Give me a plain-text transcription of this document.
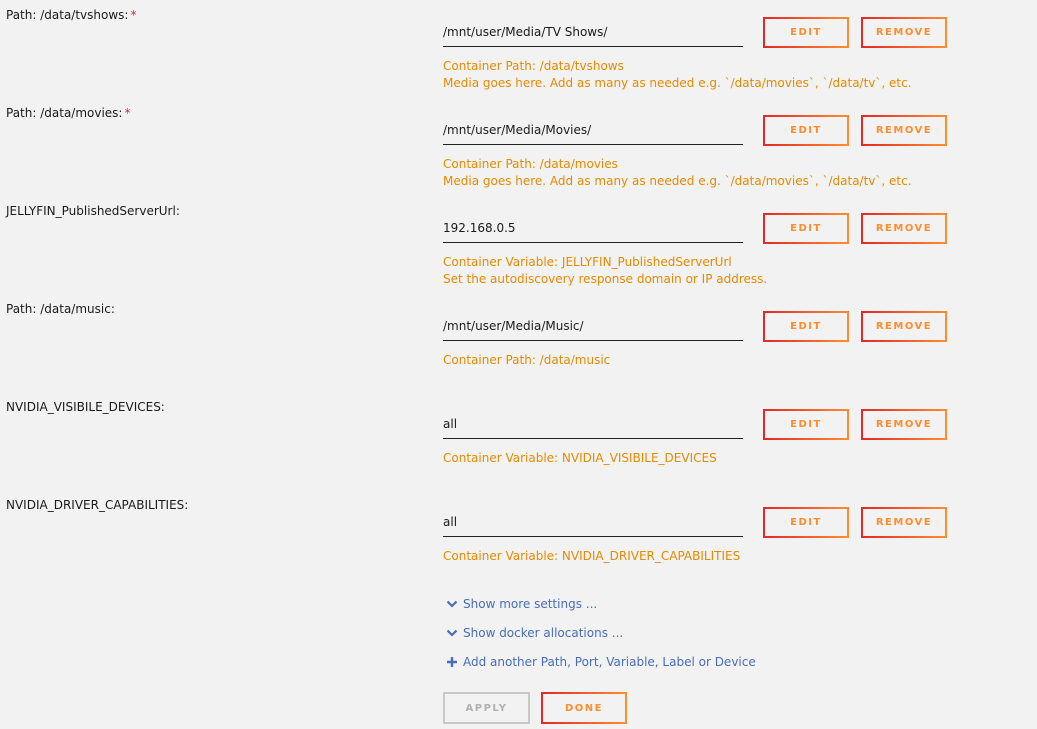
Path: /data/tvshows: *
/mnt/user/Media/TV Shows/	EDIT	REMOVE
Container Path: /data/tvshows
Media goes here. Add as many as needed e.g. `/data/movies`, `/data/tv`, etc.
Path: /data/movies: *
/mnt/user/Media/Movies/	EDIT	REMOVE
Container Path: /data/movies
Media goes here. Add as many as needed e.g. `/data/movies`, `/data/tv`, etc.
JELLYFIN_PublishedServerUrl:
192.168.0.5	EDIT	REMOVE
Container Variable: JELLYFIN_PublishedServerUrl
Set the autodiscovery response domain or IP address.
Path: /data/music:
/mnt/user/Media/Music/	EDIT	REMOVE
Container Path: /data/music
NVIDIA_VISIBILE_DEVICES:
all	EDIT	REMOVE
Container Variable: NVIDIA_VISIBILE_DEVICES
NVIDIA_DRIVER_CAPABILITIES:
all	EDIT	REMOVE
Container Variable: NVIDIA_DRIVER_CAPABILITIES
Show more settings ...
Show docker allocations ...
Add another Path, Port, Variable, Label or Device
APPLY	DONE
